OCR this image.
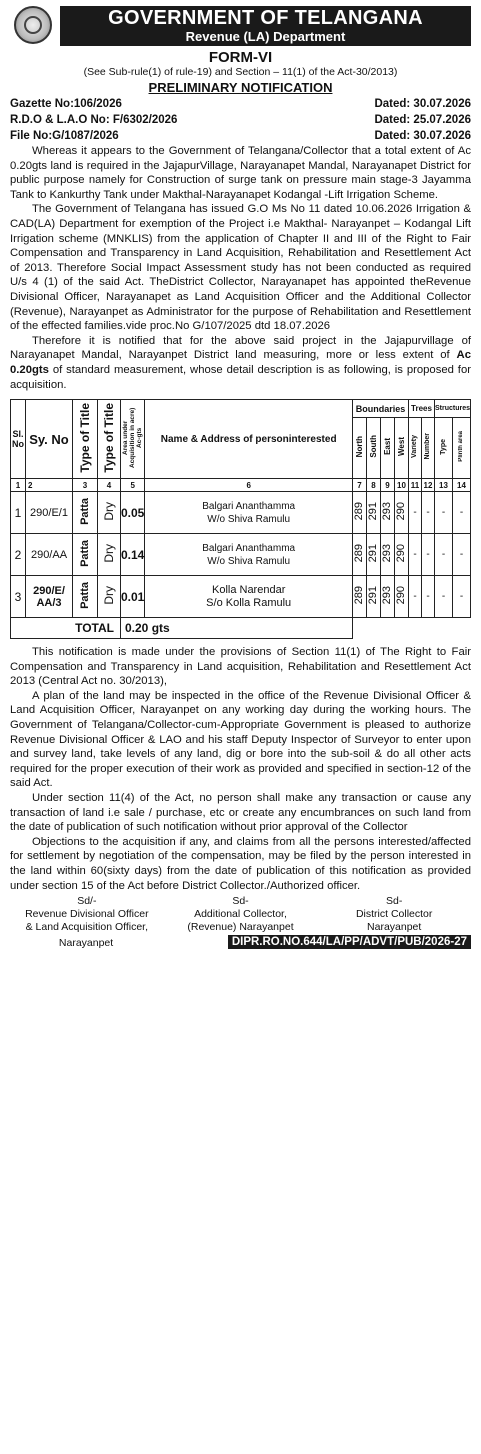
GOVERNMENT OF TELANGANA
Revenue (LA) Department
FORM-VI
(See Sub-rule(1) of rule-19) and Section – 11(1) of the Act-30/2013)
PRELIMINARY NOTIFICATION
Gazette No:106/2026	Dated: 30.07.2026
R.D.O & L.A.O No: F/6302/2026	Dated: 25.07.2026
File No:G/1087/2026	Dated: 30.07.2026

Whereas it appears to the Government of Telangana/Collector that a total extent of Ac 0.20gts land is required in the JajapurVillage, Narayanapet Mandal, Narayanapet District for public purpose namely for Construction of surge tank on pressure main stage-3 Jayamma Tank to Kankurthy Tank under Makthal-Narayanapet Kodangal -Lift Irrigation Scheme.

The Government of Telangana has issued G.O Ms No 11 dated 10.06.2026 Irrigation & CAD(LA) Department for exemption of the Project i.e Makthal- Narayanpet – Kodangal Lift Irrigation scheme (MNKLIS) from the application of Chapter II and III of the Right to Fair Compensation and Transparency in Land Acquisition, Rehabilitation and Resettlement Act of 2013. Therefore Social Impact Assessment study has not been conducted as required U/s 4 (1) of the said Act. TheDistrict Collector, Narayanapet has appointed theRevenue Divisional Officer, Narayanapet as Land Acquisition Officer and the Additional Collector (Revenue), Narayanpet as Administrator for the purpose of Rehabilitation and Resettlement of the effected families.vide proc.No G/107/2025 dtd 18.07.2026

Therefore it is notified that for the above said project in the Jajapurvillage of Narayanapet Mandal, Narayanpet District land measuring, more or less extent of Ac 0.20gts of standard measurement, whose detail description is as following, is proposed for acquisition.

Sl. No	Sy. No	Type of Title	Type of Title	Area under Acquisition in acre) Ac-gts	Name & Address of personinterested	Boundaries				Trees		Structures	
						North	South	East	West	Variety	Number	Type	Plinth area
1	2	3	4	5	6	7	8	9	10	11	12	13	14
1	290/E/1	Patta	Dry	0.05	Balgari Ananthamma
W/o Shiva Ramulu	289	291	293	290	-	-	-	-
2	290/AA	Patta	Dry	0.14	Balgari Ananthamma
W/o Shiva Ramulu	289	291	293	290	-	-	-	-
3	290/E/ AA/3	Patta	Dry	0.01	Kolla Narendar
S/o Kolla Ramulu	289	291	293	290	-	-	-	-
	TOTAL			0.20 gts									

This notification is made under the provisions of Section 11(1) of The Right to Fair Compensation and Transparency in Land acquisition, Rehabilitation and Resettlement Act 2013 (Central Act no. 30/2013),

A plan of the land may be inspected in the office of the Revenue Divisional Officer & Land Acquisition Officer, Narayanpet on any working day during the working hours. The Government of Telangana/Collector-cum-Appropriate Government is pleased to authorize Revenue Divisional Officer & LAO and his staff Deputy Inspector of Surveyor to enter upon and survey land, take levels of any land, dig or bore into the sub-soil & do all other acts required for the proper execution of their work as provided and specified in section-12 of the said Act.

Under section 11(4) of the Act, no person shall make any transaction or cause any transaction of land i.e sale / purchase, etc or create any encumbrances on such land from the date of publication of such notification without prior approval of the Collector

Objections to the acquisition if any, and claims from all the persons interested/affected for settlement by negotiation of the compensation, may be filed by the person interested in the land within 60(sixty days) from the date of publication of this notification as provided under section 15 of the Act before District Collector./Authorized officer.

Sd/-
Revenue Divisional Officer
& Land Acquisition Officer,
Sd-
Additional Collector,
(Revenue) Narayanpet
Sd-
District Collector
Narayanpet
Narayanpet	DIPR.RO.NO.644/LA/PP/ADVT/PUB/2026-27
